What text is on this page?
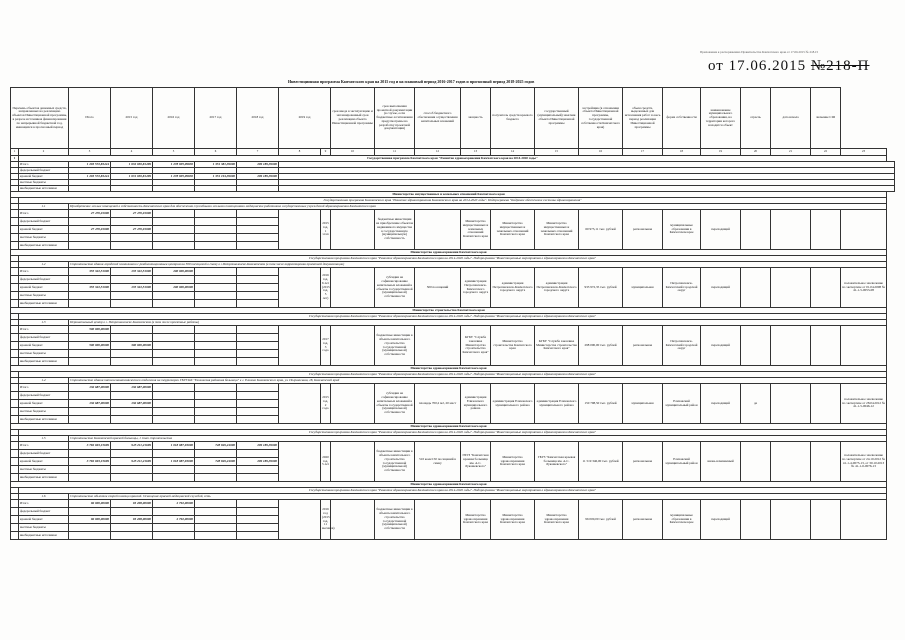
Приложение к распоряжению Правительства Камчатского края от 17.06.2015 № 218-П
от 17.06.2015 №218-П
Инвестиционная программа Камчатского края на 2015 год и на плановый период 2016-2017 годов и прогнозный период 2018-2025 годов
Перечень объектов денежных средств, направленных на реализацию объектов Инвестиционной программы, в разрезе источников финансирования по непрерывной бюджетной год, имеющихся в прогнозный период		Итого	2015 год	2016 год	2017 год	2018 год	2019 год		срок ввода в эксплуатацию и запланированный срок реализации объекта Инвестиционной программы	срок выполнения проектной документации (в случае, если бюджетные ассигнования предусмотрены на разработку проектной документации)	способ бюджетного обеспечения осуществления капитальных вложений	мощность	получатель средств краевого бюджета	государственный (муниципальный) заказчик объекта Инвестиционной программы	застройщик (в отношении объекта Инвестиционной программы, государственной собственности Камчатского края)	объем средств, выделенных для исполнения работ за весь период реализации Инвестиционной программы	форма собственности	наименование муниципального образования, на территории которого находится объект	отрасль	дата начала	значение СШ	
1	2	3	4	5	6	7	8	9	10	11	12	13	14	15	16	17	18	19	20	21	22	23
1	Государственная программа Камчатского края "Развитие здравоохранения Камчатского края на 2014-2020 годы"																					
	Итого	1 293 572,83444	1 032 030,81499	1 278 905,09830	1 351 381,39000	299 189,39000																
	федеральный бюджет																					
	краевой бюджет	1 293 572,83444	1 031 030,81499	1 278 905,09830	1 351 194,39000	299 189,39000																
	местные бюджеты																					
	внебюджетные источники																					
Министерство имущественных и земельных отношений Камчатского края																						
	Государственная программа Камчатского края "Развитие здравоохранения Камчатского края на 2014-2020 годы". Подпрограмма "Кадровое обеспечение системы здравоохранения"																					
	1.1	Приобретение жилых помещений в собственность Камчатского края для обеспечения служебными жилыми помещениями медицинских работников государственных учреждений здравоохранения Камчатского края																				
	Итого	27 470,01000	27 470,01000					2015 год, 1 этап		бюджетные инвестиции на приобретение объектов недвижимого имущества в государственную (муниципальную) собственность		Министерство имущественных и земельных отношений Камчатского края	Министерство имущественных и земельных отношений Камчатского края	Министерство имущественных и земельных отношений Камчатского края	60 973,11 тыс. рублей	региональная	муниципальные образования в Камчатском крае	переходящий				
	федеральный бюджет																					
	краевой бюджет	27 470,01000	27 470,01000																			
	местные бюджеты																					
	внебюджетные источники																					
Министерство здравоохранения Камчатского края																						
	Государственная программа Камчатского края "Развитие здравоохранения Камчатского края на 2014-2020 годы". Подпрограмма "Инвестиционные мероприятия в здравоохранении Камчатского края"																					
	1.2	Строительство здания городской поликлиники с реабилитационным центром на 500 посещений в смену в г.Петропавловске-Камчатском (в том числе корректировка проектной документации)																				
	Итого	355 322,51000	135 322,51000	200 000,00000				2016 год, 6 лет (2015 год, 5 лет)		субсидии на софинансирование капитальных вложений в объекты государственной (муниципальной) собственности	500 посещений	администрация Петропавловск-Камчатского городского округа	администрация Петропавловск-Камчатского городского округа	администрация Петропавловск-Камчатского городского округа	933 972,35 тыс. рублей	муниципальная	Петропавловск-Камчатский городской округ	переходящий				положительное заключение по экспертизе от 01.04.2008 № 41-1-5-0053-08
	федеральный бюджет																					
	краевой бюджет	355 322,51000	135 322,51000	200 000,00000																		
	местные бюджеты																					
	внебюджетные источники																					
Министерство строительства Камчатского края																						
	Государственная программа Камчатского края "Развитие здравоохранения Камчатского края на 2014-2020 годы". Подпрограмма "Инвестиционные мероприятия в здравоохранении Камчатского края"																					
	1.3	Перинатальный центр в г. Петропавловске-Камчатском (в том числе проектные работы)																				
	Итого	500 000,00000						2017 год, 3 года		бюджетные инвестиции в объекты капитального строительства государственной (муниципальной) собственности		КГБУ "Служба заказчика Министерства строительства Камчатского края"	Министерство строительства Камчатского края	КГБУ "Служба заказчика Министерства строительства Камчатского края"	298 000,00 тыс. рублей	региональная	Петропавловск-Камчатский городской округ	переходящий				
	федеральный бюджет																					
	краевой бюджет	500 000,00000	300 000,00000																			
	местные бюджеты																					
	внебюджетные источники																					
Министерство здравоохранения Камчатского края																						
	Государственная программа Камчатского края "Развитие здравоохранения Камчатского края на 2014-2020 годы". Подпрограмма "Инвестиционные мероприятия в здравоохранении Камчатского края"																					
	1.4	Строительство здания патологоанатомического отделения на территории ГБУЗ КК "Елизовская районная больница" в г. Елизово Камчатского края, ул. Пограничная, 18, Камчатский край																				
	Итого	136 687,00000	136 687,00000					2015 год, 2 года		субсидии на софинансирование капитальных вложений в объекты государственной (муниципальной) собственности	площадь 700,2 м2, 20 мест	администрация Елизовского муниципального района	администрация Елизовского муниципального района	администрация Елизовского муниципального района	150 798,50 тыс. рублей	муниципальная	Елизовский муниципальный район	переходящий	да			положительное заключение по экспертизе от 28.04.2012 № 41-1-5-0046-12
	федеральный бюджет																					
	краевой бюджет	136 687,00000	136 687,00000																			
	местные бюджеты																					
	внебюджетные источники																					
Министерство здравоохранения Камчатского края																						
	Государственная программа Камчатского края "Развитие здравоохранения Камчатского края на 2014-2020 годы". Подпрограмма "Инвестиционные мероприятия в здравоохранении Камчатского края"																					
	1.5	Строительство Камчатской краевой больницы, 1 этап строительства																				
	Итого	3 782 693,15699	945 211,21699	1 018 087,93000	728 849,24000	299 189,39000		2020 год, 5 лет		бюджетные инвестиции в объекты капитального строительства государственной (муниципальной) собственности	510 коек/150 посещений в смену	ГБУЗ "Камчатская краевая больница им. А.С. Лукашевского"	Министерство здравоохранения Камчатского края	ГБУЗ "Камчатская краевая больница им. А.С. Лукашевского"	11 519 346,00 тыс. рублей	региональная	Елизовский муниципальный район	вновь начинаемый				положительное заключение по экспертизе от 24.10.2012 № 41-1-4-0073-13, от 30.10.2013 № 41-1-6-0076-13
	федеральный бюджет																					
	краевой бюджет	3 782 693,15699	945 211,21699	1 018 087,93000	728 849,24000	299 189,39000																
	местные бюджеты																					
	внебюджетные источники																					
Министерство здравоохранения Камчатского края																						
	Государственная программа Камчатского края "Развитие здравоохранения Камчатского края на 2014-2020 годы". Подпрограмма "Инвестиционные мероприятия в здравоохранении Камчатского края"																					
	1.6	Строительство объектов скорой помощи краевой. Оснащение краевой медицинской службой, сеть																				
	Итого	96 000,00000	93 208,00000	2 792,00000				2016 год (2015 год, 11 месяцев)		бюджетные инвестиции в объекты капитального строительства государственной (муниципальной) собственности		Министерство здравоохранения Камчатского края	Министерство здравоохранения Камчатского края	Министерство здравоохранения Камчатского края	96 000,00 тыс. рублей	региональная	муниципальные образования в Камчатском крае	переходящий				
	федеральный бюджет																					
	краевой бюджет	96 000,00000	93 208,00000	2 792,00000																		
	местные бюджеты																					
	внебюджетные источники																					
